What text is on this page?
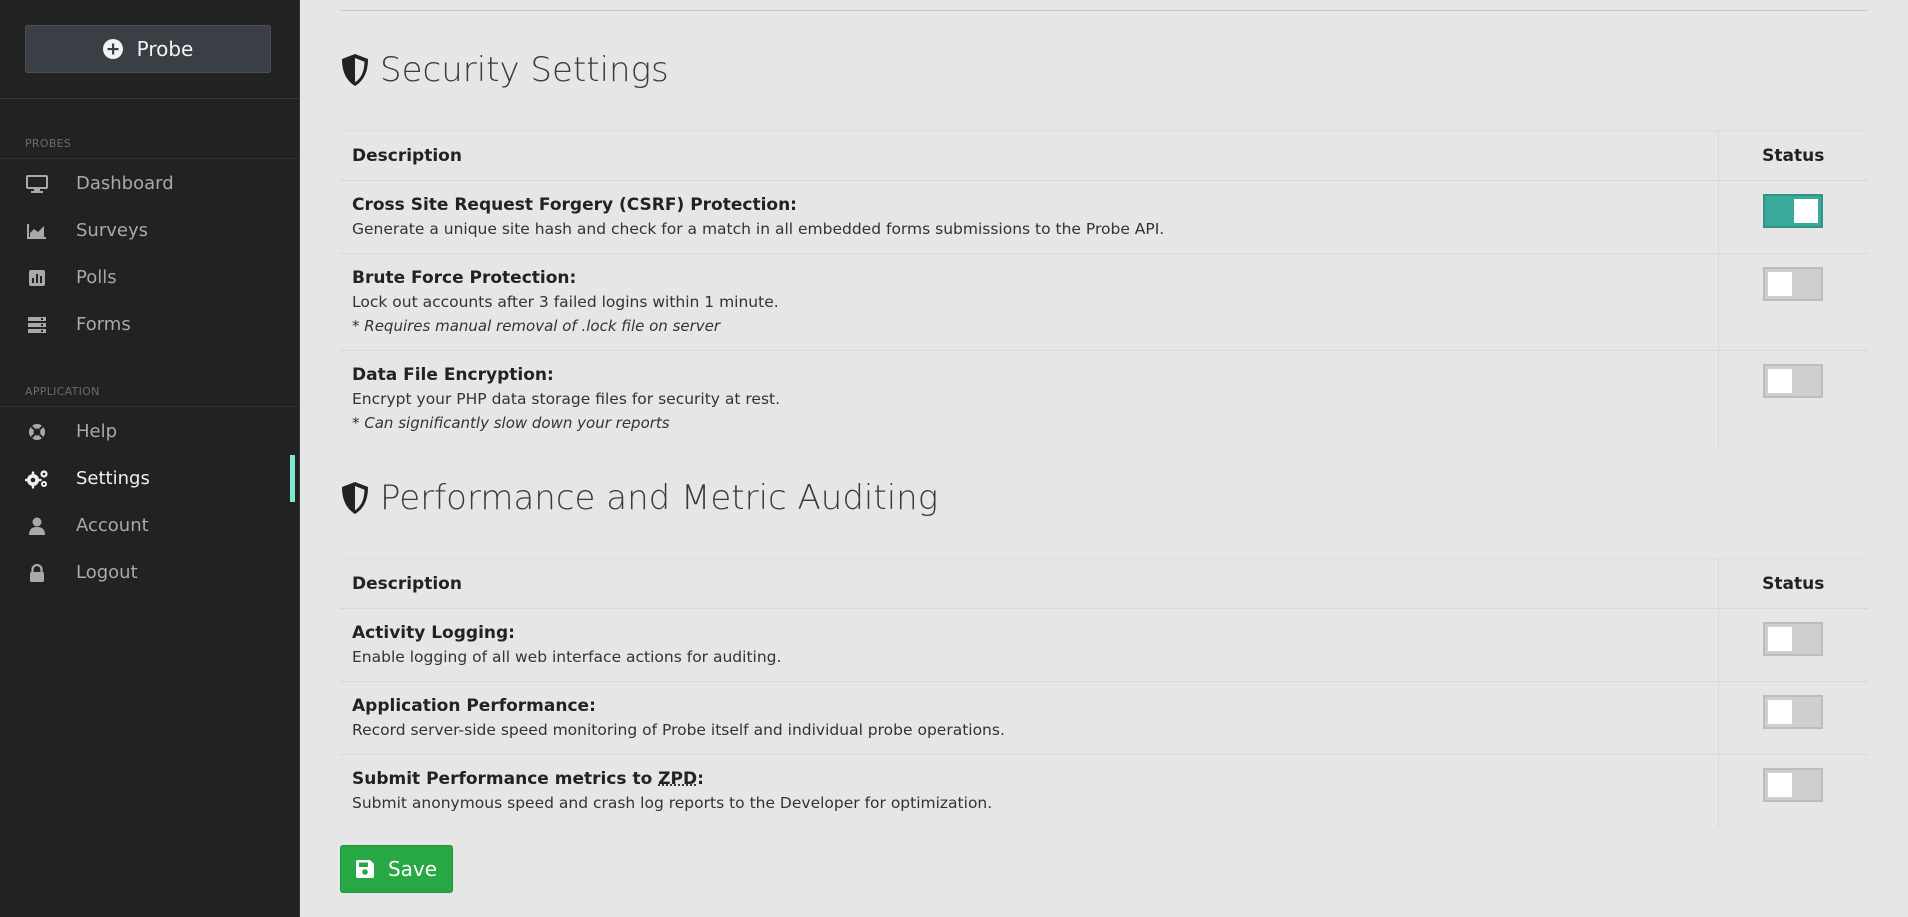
Probe
PROBES
Dashboard
Surveys
Polls
Forms
APPLICATION
Help
Settings
Account
Logout
Security Settings
Description	Status

Cross Site Request Forgery (CSRF) Protection:
Generate a unique site hash and check for a match in all embedded forms submissions to the Probe API.	

Brute Force Protection:
Lock out accounts after 3 failed logins within 1 minute.
* Requires manual removal of .lock file on server	

Data File Encryption:
Encrypt your PHP data storage files for security at rest.
* Can significantly slow down your reports	

Performance and Metric Auditing
Description	Status

Activity Logging:
Enable logging of all web interface actions for auditing.	

Application Performance:
Record server-side speed monitoring of Probe itself and individual probe operations.	

Submit Performance metrics to ZPD:
Submit anonymous speed and crash log reports to the Developer for optimization.	

Save
